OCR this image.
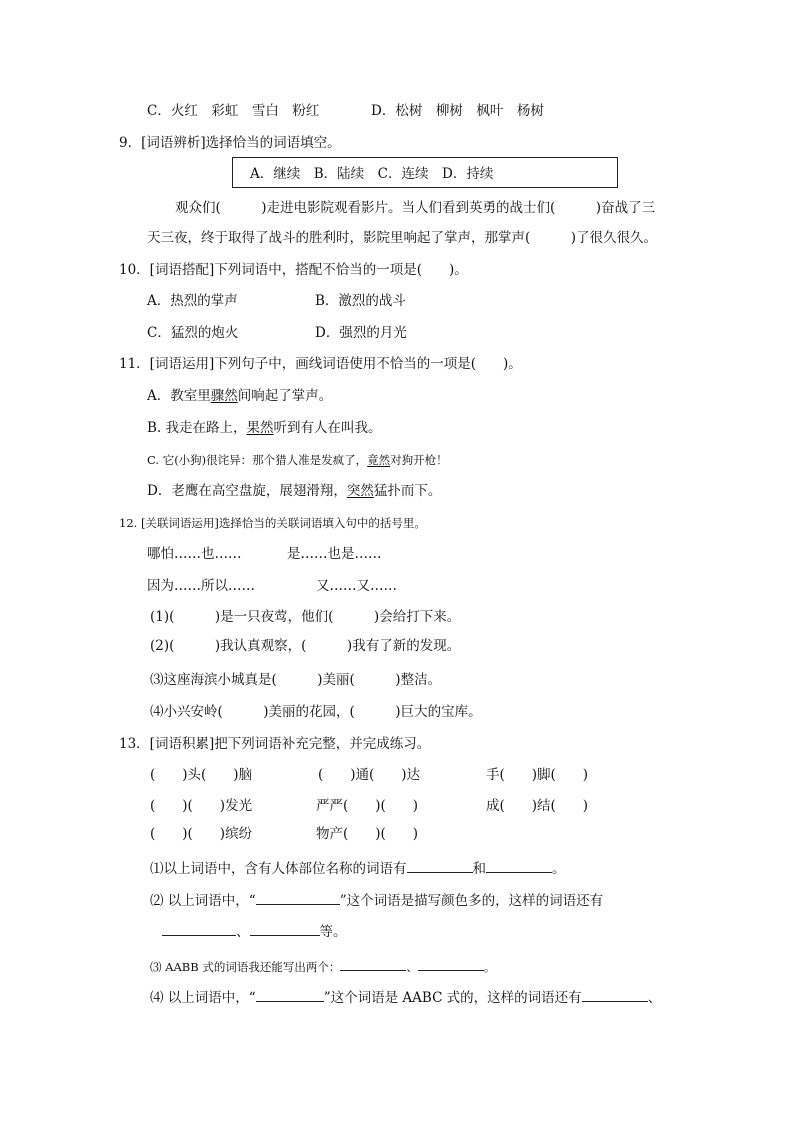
C．火红　彩虹　雪白　粉红	D．松树　柳树　枫叶　杨树
9．[词语辨析]选择恰当的词语填空。
A．继续　B．陆续　C．连续　D．持续
观众们(　　　)走进电影院观看影片。当人们看到英勇的战士们(　　　)奋战了三
天三夜，终于取得了战斗的胜利时，影院里响起了掌声，那掌声(　　　)了很久很久。
10．[词语搭配]下列词语中，搭配不恰当的一项是(　　)。
A．热烈的掌声	B．激烈的战斗
C．猛烈的炮火	D．强烈的月光
11．[词语运用]下列句子中，画线词语使用不恰当的一项是(　　)。
A．教室里骤然间响起了掌声。
B. 我走在路上，果然听到有人在叫我。
C. 它(小狗)很诧异：那个猎人准是发疯了，竟然对狗开枪！
D．老鹰在高空盘旋，展翅滑翔，突然猛扑而下。
12. [关联词语运用]选择恰当的关联词语填入句中的括号里。
哪怕……也……	是……也是……
因为……所以……	又……又……
(1)(　　　)是一只夜莺，他们(　　　)会给打下来。
(2)(　　　)我认真观察，(　　　)我有了新的发现。
⑶这座海滨小城真是(　　　)美丽(　　　)整洁。
⑷小兴安岭(　　　)美丽的花园，(　　　)巨大的宝库。
13．[词语积累]把下列词语补充完整，并完成练习。
(　　)头(　　)脑	(　　)通(　　)达	手(　　)脚(　　)
(　　)(　　)发光	严严(　　)(　　)	成(　　)结(　　)
(　　)(　　)缤纷	物产(　　)(　　)
⑴以上词语中，含有人体部位名称的词语有	和	。
⑵ 以上词语中，“	”这个词语是描写颜色多的，这样的词语还有
、	等。
⑶ AABB 式的词语我还能写出两个：	、	。
⑷ 以上词语中，“	”这个词语是 AABC 式的，这样的词语还有	、
